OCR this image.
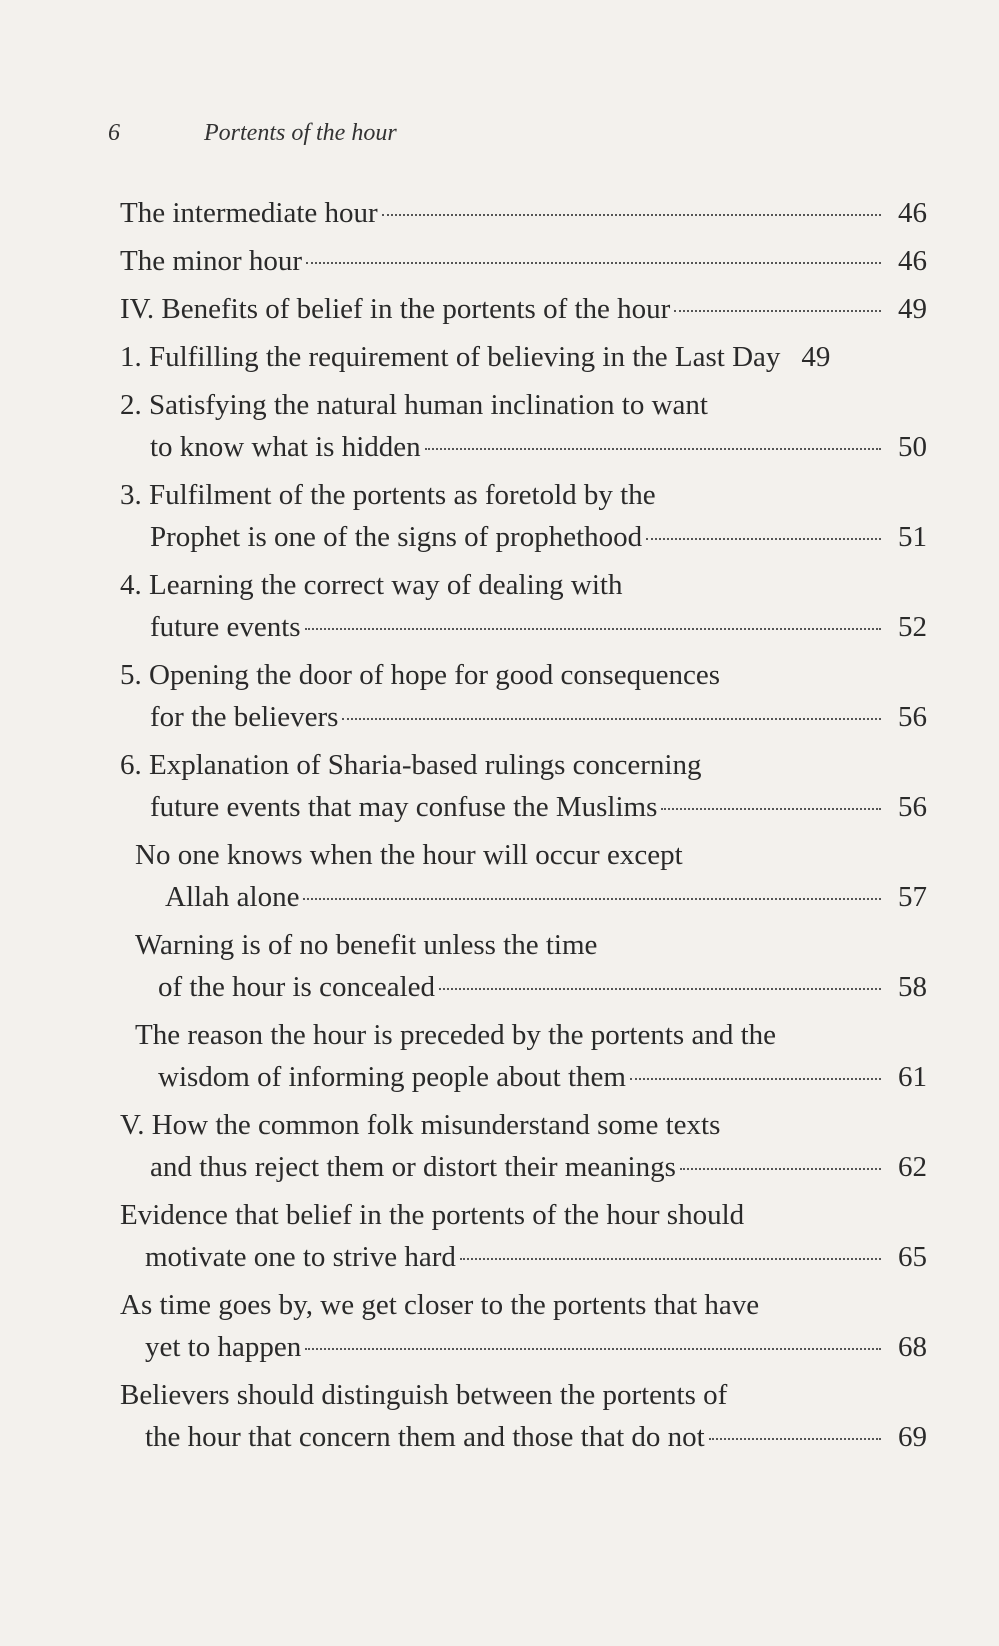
6	Portents of the hour
The intermediate hour	46
The minor hour	46
IV. Benefits of belief in the portents of the hour	49
1. Fulfilling the requirement of believing in the Last Day 49
2. Satisfying the natural human inclination to want
to know what is hidden	50
3. Fulfilment of the portents as foretold by the
Prophet is one of the signs of prophethood	51
4. Learning the correct way of dealing with
future events	52
5. Opening the door of hope for good consequences
for the believers	56
6. Explanation of Sharia-based rulings concerning
future events that may confuse the Muslims	56
No one knows when the hour will occur except
Allah alone	57
Warning is of no benefit unless the time
of the hour is concealed	58
The reason the hour is preceded by the portents and the
wisdom of informing people about them	61
V. How the common folk misunderstand some texts
and thus reject them or distort their meanings	62
Evidence that belief in the portents of the hour should
motivate one to strive hard	65
As time goes by, we get closer to the portents that have
yet to happen	68
Believers should distinguish between the portents of
the hour that concern them and those that do not	69
